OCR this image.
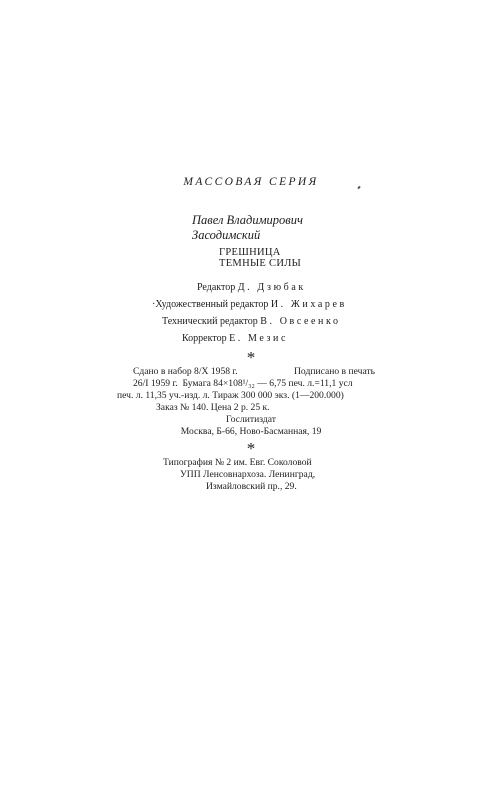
МАССОВАЯ СЕРИЯ
Павел Владимирович
Засодимский
ГРЕШНИЦА
ТЕМНЫЕ СИЛЫ
Редактор Д. Дзюбак
·Художественный редактор И. Жихарев
Технический редактор В. Овсеенко
Корректор Е. Мезис
*
Сдано в набор 8/X 1958 г.	Подписано в печать
26/I 1959 г.  Бумага 84×108¹/₃₂ — 6,75 печ. л.=11,1 усл
печ. л. 11,35 уч.-изд. л. Тираж 300 000 экз. (1—200.000)
Заказ № 140. Цена 2 р. 25 к.
Гослитиздат
Москва, Б-66, Ново-Басманная, 19
*
Типография № 2 им. Евг. Соколовой
УПП Ленсовнархоза. Ленинград,
Измайловский пр., 29.
